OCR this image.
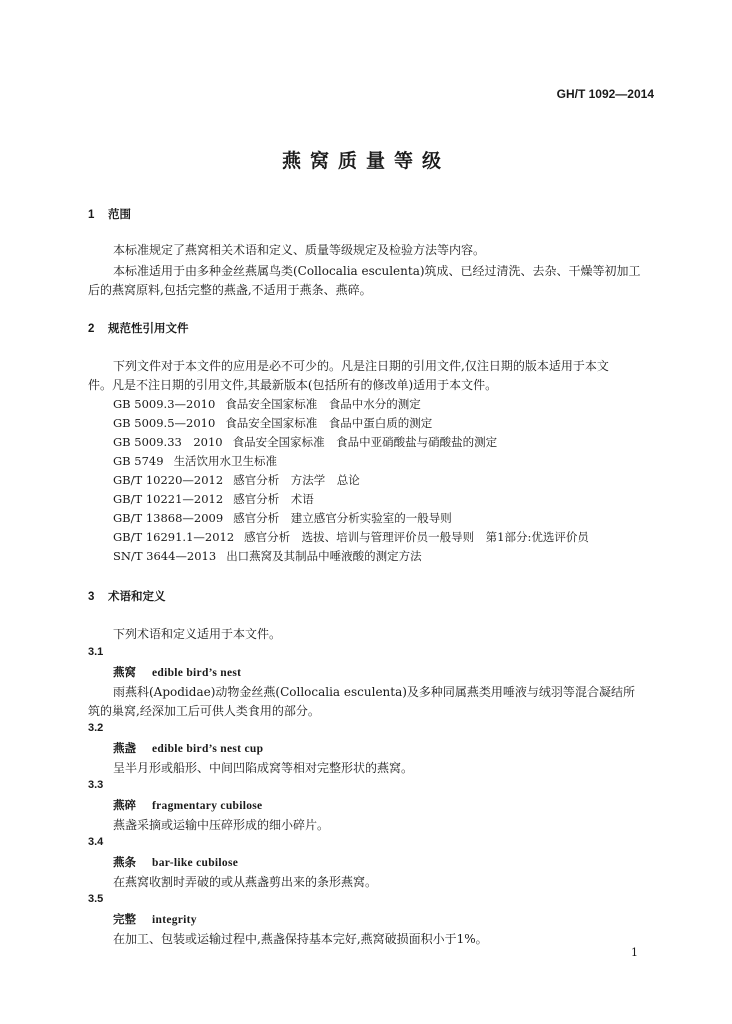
GH/T 1092—2014
燕窝质量等级
1 范围
本标准规定了燕窝相关术语和定义、质量等级规定及检验方法等内容。
本标准适用于由多种金丝燕属鸟类(Collocalia esculenta)筑成、已经过清洗、去杂、干燥等初加工
后的燕窝原料,包括完整的燕盏,不适用于燕条、燕碎。
2 规范性引用文件
下列文件对于本文件的应用是必不可少的。凡是注日期的引用文件,仅注日期的版本适用于本文
件。凡是不注日期的引用文件,其最新版本(包括所有的修改单)适用于本文件。
GB 5009.3—2010 食品安全国家标准　食品中水分的测定
GB 5009.5—2010 食品安全国家标准　食品中蛋白质的测定
GB 5009.33　2010 食品安全国家标准　食品中亚硝酸盐与硝酸盐的测定
GB 5749 生活饮用水卫生标准
GB/T 10220—2012 感官分析　方法学　总论
GB/T 10221—2012 感官分析　术语
GB/T 13868—2009 感官分析　建立感官分析实验室的一般导则
GB/T 16291.1—2012 感官分析　选拔、培训与管理评价员一般导则　第1部分:优选评价员
SN/T 3644—2013 出口燕窝及其制品中唾液酸的测定方法
3 术语和定义
下列术语和定义适用于本文件。
3.1
燕窝 edible bird’s nest
雨燕科(Apodidae)动物金丝燕(Collocalia esculenta)及多种同属燕类用唾液与绒羽等混合凝结所
筑的巢窝,经深加工后可供人类食用的部分。
3.2
燕盏 edible bird’s nest cup
呈半月形或船形、中间凹陷成窝等相对完整形状的燕窝。
3.3
燕碎 fragmentary cubilose
燕盏采摘或运输中压碎形成的细小碎片。
3.4
燕条 bar-like cubilose
在燕窝收割时弄破的或从燕盏剪出来的条形燕窝。
3.5
完整 integrity
在加工、包装或运输过程中,燕盏保持基本完好,燕窝破损面积小于1%。
1
